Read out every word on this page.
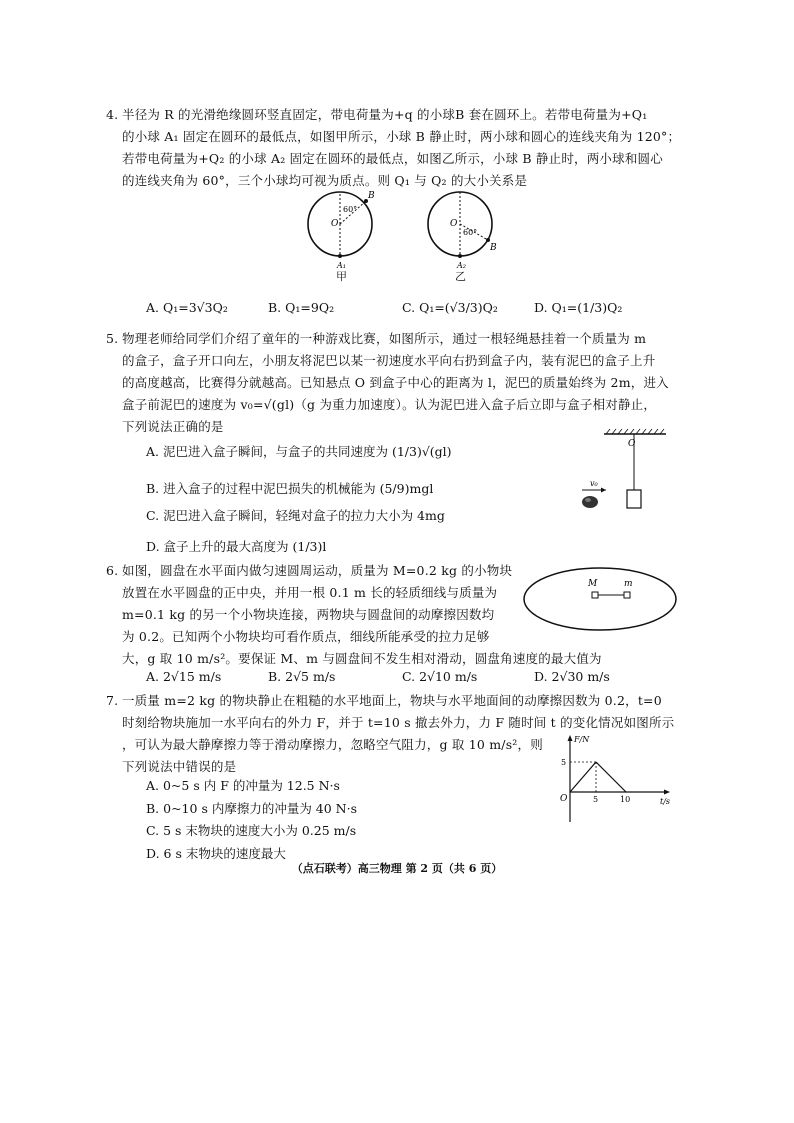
4. 半径为 R 的光滑绝缘圆环竖直固定，带电荷量为+q 的小球B 套在圆环上。若带电荷量为+Q₁
的小球 A₁ 固定在圆环的最低点，如图甲所示，小球 B 静止时，两小球和圆心的连线夹角为 120°；
若带电荷量为+Q₂ 的小球 A₂ 固定在圆环的最低点，如图乙所示，小球 B 静止时，两小球和圆心
的连线夹角为 60°，三个小球均可视为质点。则 Q₁ 与 Q₂ 的大小关系是
O
B
60°
A₁
甲
O
B
60°
A₂
乙
A. Q₁=3√3Q₂	B. Q₁=9Q₂	C. Q₁=(√3/3)Q₂	D. Q₁=(1/3)Q₂
5. 物理老师给同学们介绍了童年的一种游戏比赛，如图所示，通过一根轻绳悬挂着一个质量为 m
的盒子，盒子开口向左，小朋友将泥巴以某一初速度水平向右扔到盒子内，装有泥巴的盒子上升
的高度越高，比赛得分就越高。已知悬点 O 到盒子中心的距离为 l，泥巴的质量始终为 2m，进入
盒子前泥巴的速度为 v₀=√(gl)（g 为重力加速度）。认为泥巴进入盒子后立即与盒子相对静止，
下列说法正确的是
A. 泥巴进入盒子瞬间，与盒子的共同速度为 (1/3)√(gl)
B. 进入盒子的过程中泥巴损失的机械能为 (5/9)mgl
C. 泥巴进入盒子瞬间，轻绳对盒子的拉力大小为 4mg
D. 盒子上升的最大高度为 (1/3)l
O
v₀
6. 如图，圆盘在水平面内做匀速圆周运动，质量为 M=0.2 kg 的小物块
放置在水平圆盘的正中央，并用一根 0.1 m 长的轻质细线与质量为
m=0.1 kg 的另一个小物块连接，两物块与圆盘间的动摩擦因数均
为 0.2。已知两个小物块均可看作质点，细线所能承受的拉力足够
大，g 取 10 m/s²。要保证 M、m 与圆盘间不发生相对滑动，圆盘角速度的最大值为
M	m
A. 2√15 m/s	B. 2√5 m/s	C. 2√10 m/s	D. 2√30 m/s
7. 一质量 m=2 kg 的物块静止在粗糙的水平地面上，物块与水平地面间的动摩擦因数为 0.2，t=0
时刻给物块施加一水平向右的外力 F，并于 t=10 s 撤去外力，力 F 随时间 t 的变化情况如图所示
，可认为最大静摩擦力等于滑动摩擦力，忽略空气阻力，g 取 10 m/s²，则
下列说法中错误的是
A. 0~5 s 内 F 的冲量为 12.5 N·s
B. 0~10 s 内摩擦力的冲量为 40 N·s
C. 5 s 末物块的速度大小为 0.25 m/s
D. 6 s 末物块的速度最大
F/N
t/s
O
5
5	10
（点石联考）高三物理 第 2 页（共 6 页）
